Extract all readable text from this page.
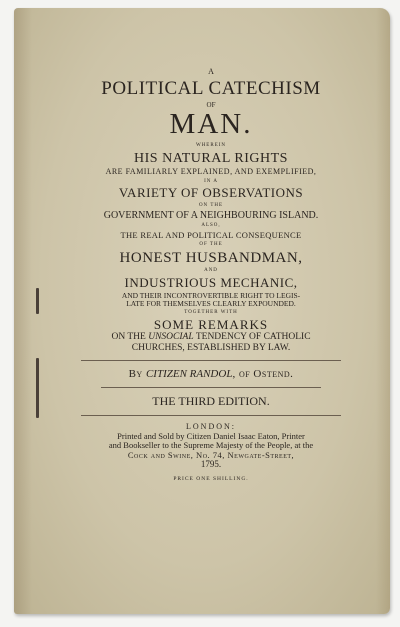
A
POLITICAL CATECHISM
OF
MAN.
WHEREIN
HIS NATURAL RIGHTS
ARE FAMILIARLY EXPLAINED, AND EXEMPLIFIED,
IN A
VARIETY OF OBSERVATIONS
ON THE
GOVERNMENT OF A NEIGHBOURING ISLAND.
ALSO,
THE REAL AND POLITICAL CONSEQUENCE
OF THE
HONEST HUSBANDMAN,
AND
INDUSTRIOUS MECHANIC,
AND THEIR INCONTROVERTIBLE RIGHT TO LEGIS-
LATE FOR THEMSELVES CLEARLY EXPOUNDED.
TOGETHER WITH
SOME REMARKS
ON THE UNSOCIAL TENDENCY OF CATHOLIC
CHURCHES, ESTABLISHED BY LAW.
By CITIZEN RANDOL, of Ostend.
THE THIRD EDITION.
LONDON:
Printed and Sold by Citizen Daniel Isaac Eaton, Printer
and Bookseller to the Supreme Majesty of the People, at the
Cock and Swine, No. 74, Newgate-Street,
1795.
PRICE ONE SHILLING.
